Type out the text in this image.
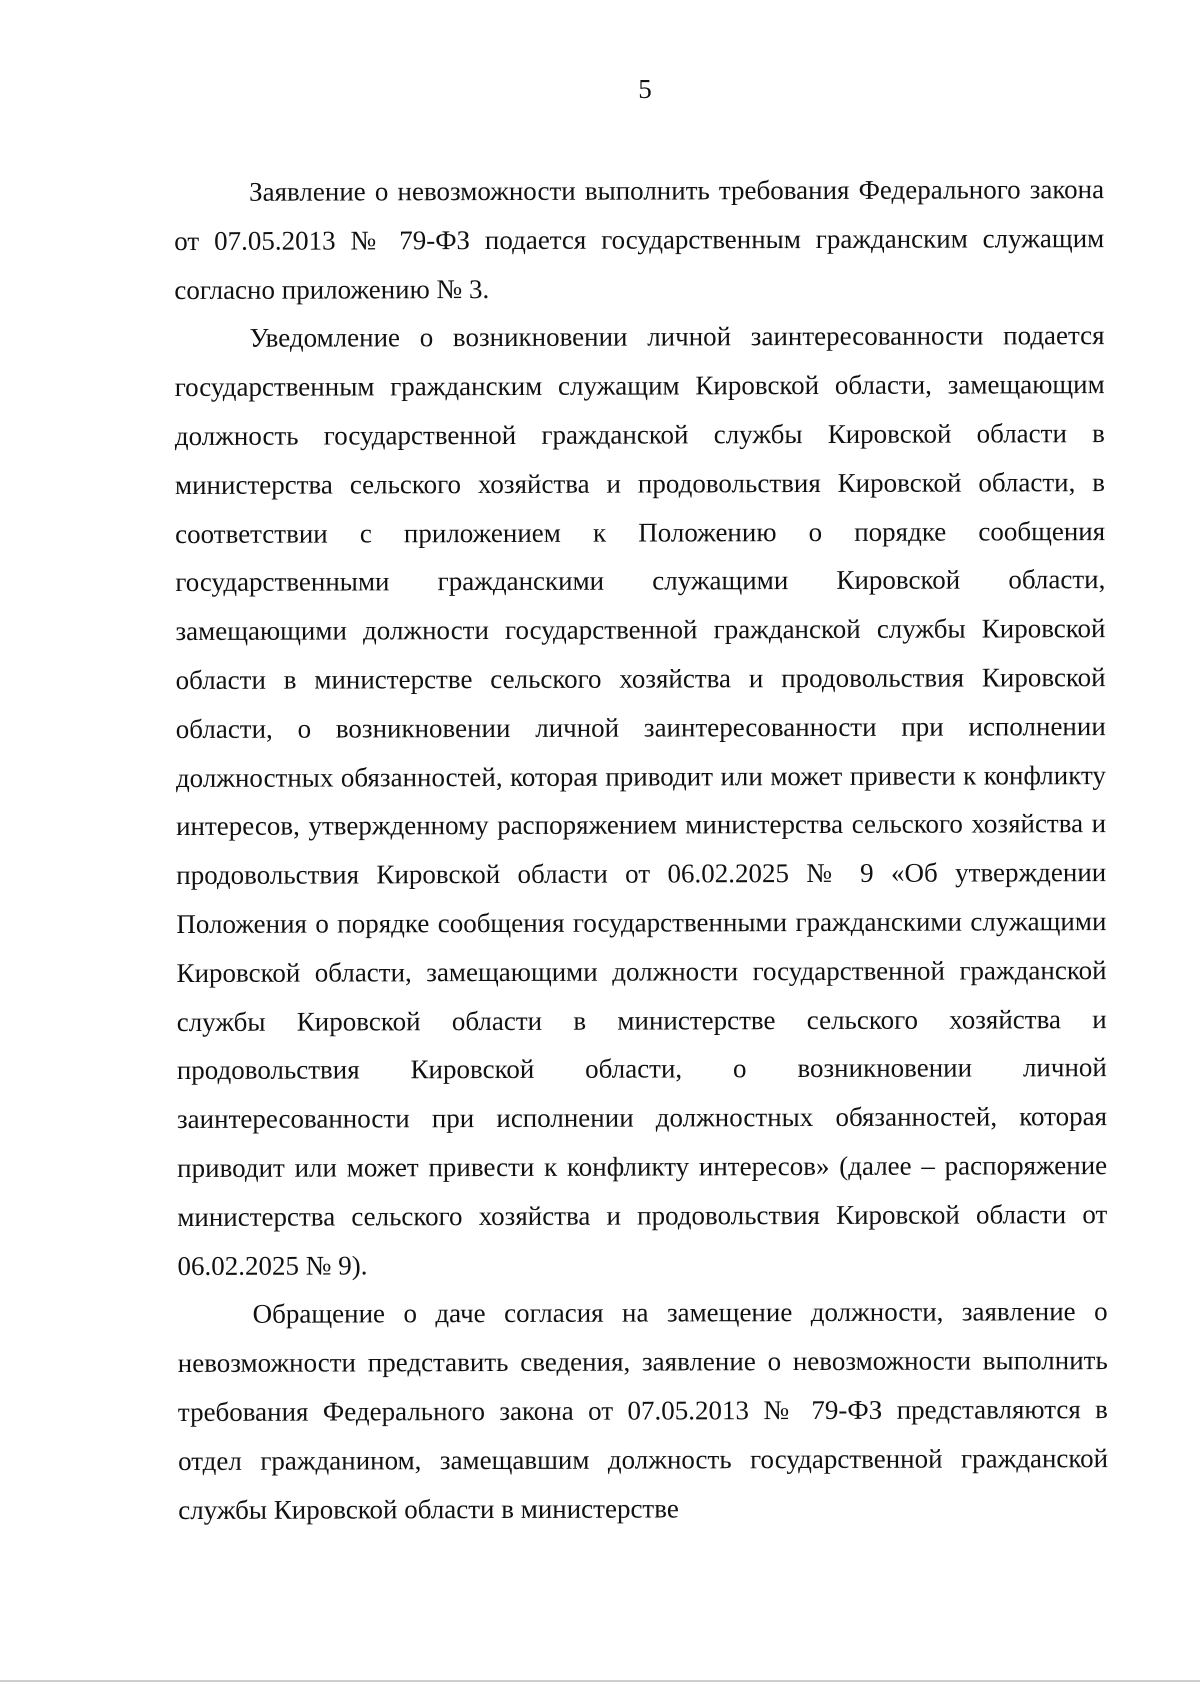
5

Заявление о невозможности выполнить требования Федерального закона от 07.05.2013 № 79-ФЗ подается государственным гражданским служащим согласно приложению № 3.

Уведомление о возникновении личной заинтересованности подается государственным гражданским служащим Кировской области, замещающим должность государственной гражданской службы Кировской области в министерства сельского хозяйства и продовольствия Кировской области, в соответствии с приложением к Положению о порядке сообщения государственными гражданскими служащими Кировской области, замещающими должности государственной гражданской службы Кировской области в министерстве сельского хозяйства и продовольствия Кировской области, о возникновении личной заинтересованности при исполнении должностных обязанностей, которая приводит или может привести к конфликту интересов, утвержденному распоряжением министерства сельского хозяйства и продовольствия Кировской области от 06.02.2025 № 9 «Об утверждении Положения о порядке сообщения государственными гражданскими служащими Кировской области, замещающими должности государственной гражданской службы Кировской области в министерстве сельского хозяйства и продовольствия Кировской области, о возникновении личной заинтересованности при исполнении должностных обязанностей, которая приводит или может привести к конфликту интересов» (далее – распоряжение министерства сельского хозяйства и продовольствия Кировской области от 06.02.2025 № 9).

Обращение о даче согласия на замещение должности, заявление о невозможности представить сведения, заявление о невозможности выполнить требования Федерального закона от 07.05.2013 № 79-ФЗ представляются в отдел гражданином, замещавшим должность государственной гражданской службы Кировской области в министерстве
